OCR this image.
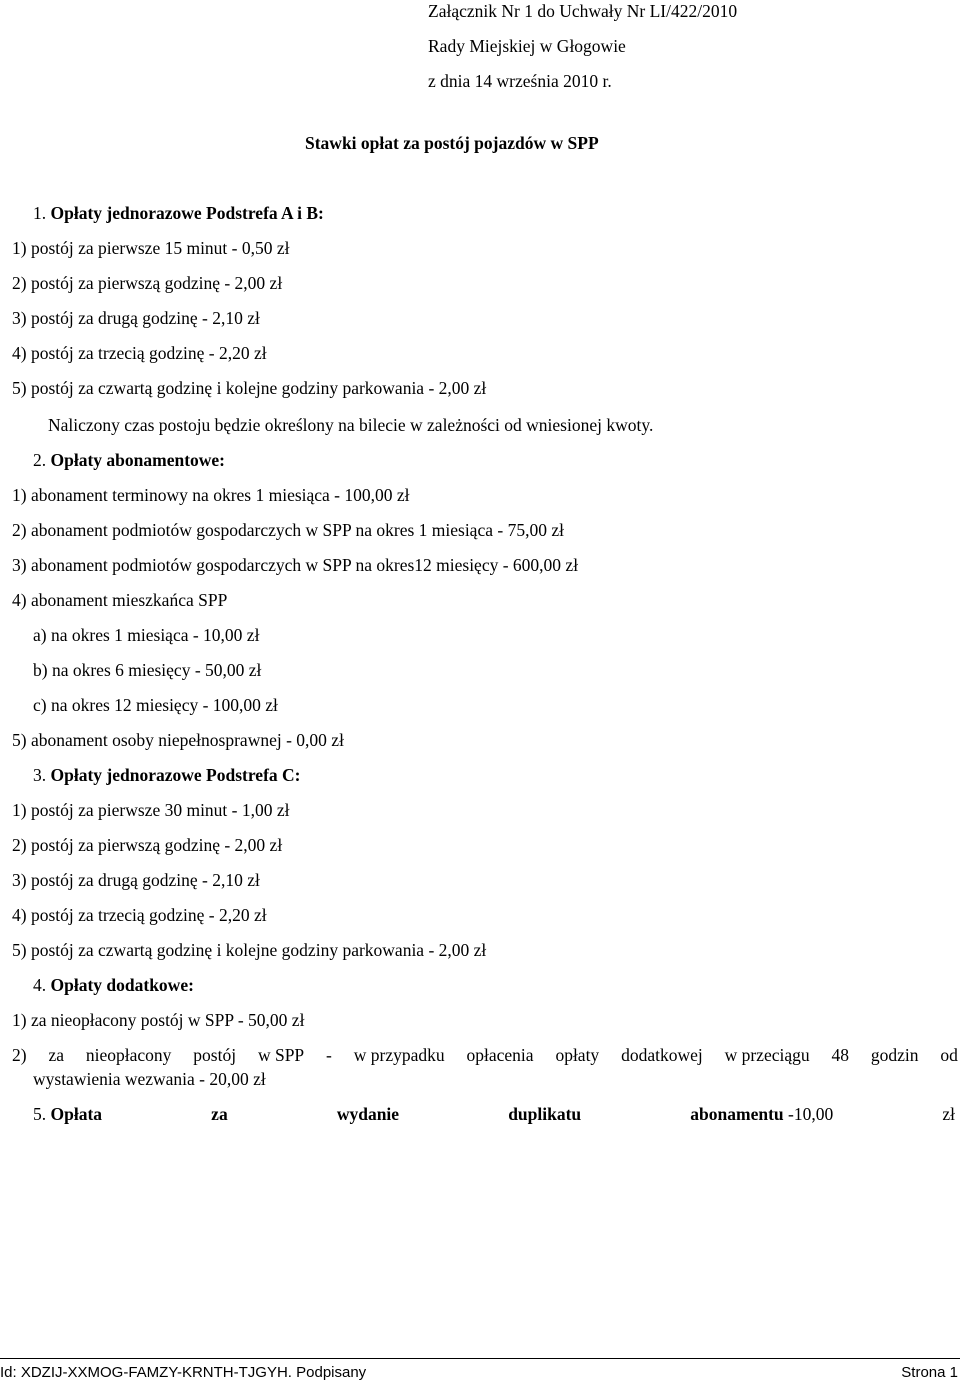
Załącznik Nr 1 do Uchwały Nr LI/422/2010
Rady Miejskiej w Głogowie
z dnia 14 września 2010 r.
Stawki opłat za postój pojazdów w SPP
1. Opłaty jednorazowe Podstrefa A i B:
1) postój za pierwsze 15 minut - 0,50 zł
2) postój za pierwszą godzinę - 2,00 zł
3) postój za drugą godzinę - 2,10 zł
4) postój za trzecią godzinę - 2,20 zł
5) postój za czwartą godzinę i kolejne godziny parkowania - 2,00 zł
Naliczony czas postoju będzie określony na bilecie w zależności od wniesionej kwoty.
2. Opłaty abonamentowe:
1) abonament terminowy na okres 1 miesiąca - 100,00 zł
2) abonament podmiotów gospodarczych w SPP na okres 1 miesiąca - 75,00 zł
3) abonament podmiotów gospodarczych w SPP na okres12 miesięcy - 600,00 zł
4) abonament mieszkańca SPP
a) na okres 1 miesiąca - 10,00 zł
b) na okres 6 miesięcy - 50,00 zł
c) na okres 12 miesięcy - 100,00 zł
5) abonament osoby niepełnosprawnej - 0,00 zł
3. Opłaty jednorazowe Podstrefa C:
1) postój za pierwsze 30 minut - 1,00 zł
2) postój za pierwszą godzinę - 2,00 zł
3) postój za drugą godzinę - 2,10 zł
4) postój za trzecią godzinę - 2,20 zł
5) postój za czwartą godzinę i kolejne godziny parkowania - 2,00 zł
4. Opłaty dodatkowe:
1) za nieopłacony postój w SPP - 50,00 zł
2) za nieopłacony postój w SPP - w przypadku opłacenia opłaty dodatkowej w przeciągu 48 godzin od
wystawienia wezwania - 20,00 zł
5. Opłata	za	wydanie	duplikatu	abonamentu -10,00	zł
Id: XDZIJ-XXMOG-FAMZY-KRNTH-TJGYH. Podpisany	Strona 1
